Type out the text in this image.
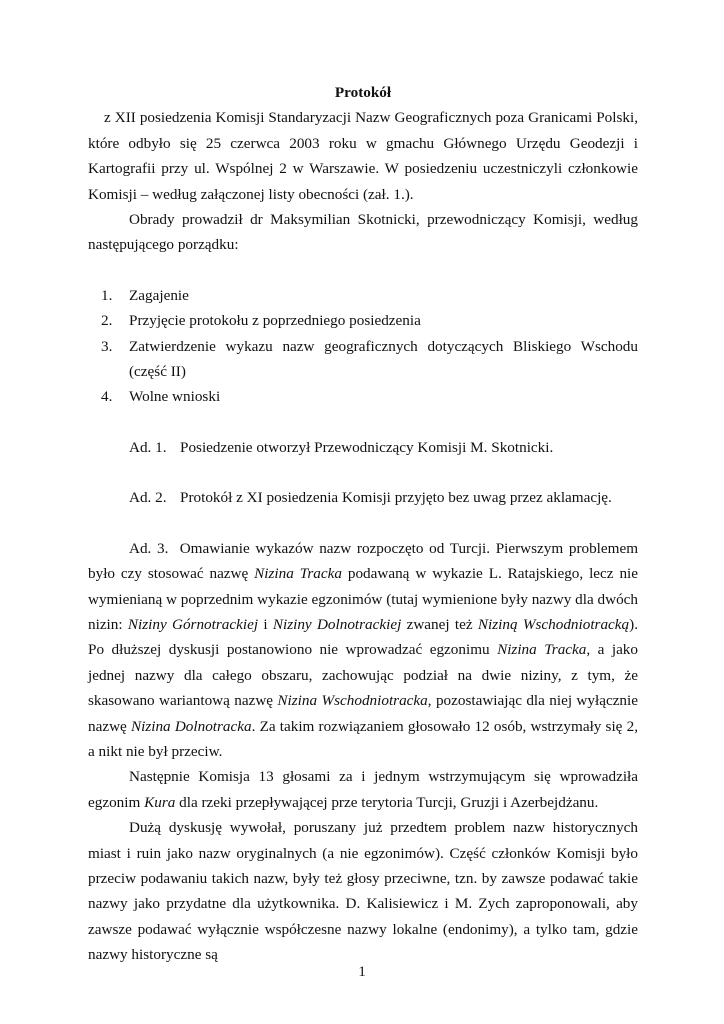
Protokół

z XII posiedzenia Komisji Standaryzacji Nazw Geograficznych poza Granicami Polski, które odbyło się 25 czerwca 2003 roku w gmachu Głównego Urzędu Geodezji i Kartografii przy ul. Wspólnej 2 w Warszawie. W posiedzeniu uczestniczyli członkowie Komisji – według załączonej listy obecności (zał. 1.).

Obrady prowadził dr Maksymilian Skotnicki, przewodniczący Komisji, według następującego porządku:

1. Zagajenie
2. Przyjęcie protokołu z poprzedniego posiedzenia
3. Zatwierdzenie wykazu nazw geograficznych dotyczących Bliskiego Wschodu (część II)
4. Wolne wnioski

Ad. 1. Posiedzenie otworzył Przewodniczący Komisji M. Skotnicki.

Ad. 2. Protokół z XI posiedzenia Komisji przyjęto bez uwag przez aklamację.

Ad. 3. Omawianie wykazów nazw rozpoczęto od Turcji. Pierwszym problemem było czy stosować nazwę Nizina Tracka podawaną w wykazie L. Ratajskiego, lecz nie wymienianą w poprzednim wykazie egzonimów (tutaj wymienione były nazwy dla dwóch nizin: Niziny Górnotrackiej i Niziny Dolnotrackiej zwanej też Niziną Wschodniotracką). Po dłuższej dyskusji postanowiono nie wprowadzać egzonimu Nizina Tracka, a jako jednej nazwy dla całego obszaru, zachowując podział na dwie niziny, z tym, że skasowano wariantową nazwę Nizina Wschodniotracka, pozostawiając dla niej wyłącznie nazwę Nizina Dolnotracka. Za takim rozwiązaniem głosowało 12 osób, wstrzymały się 2, a nikt nie był przeciw.

Następnie Komisja 13 głosami za i jednym wstrzymującym się wprowadziła egzonim Kura dla rzeki przepływającej prze terytoria Turcji, Gruzji i Azerbejdżanu.

Dużą dyskusję wywołał, poruszany już przedtem problem nazw historycznych miast i ruin jako nazw oryginalnych (a nie egzonimów). Część członków Komisji było przeciw podawaniu takich nazw, były też głosy przeciwne, tzn. by zawsze podawać takie nazwy jako przydatne dla użytkownika. D. Kalisiewicz i M. Zych zaproponowali, aby zawsze podawać wyłącznie współczesne nazwy lokalne (endonimy), a tylko tam, gdzie nazwy historyczne są

1
